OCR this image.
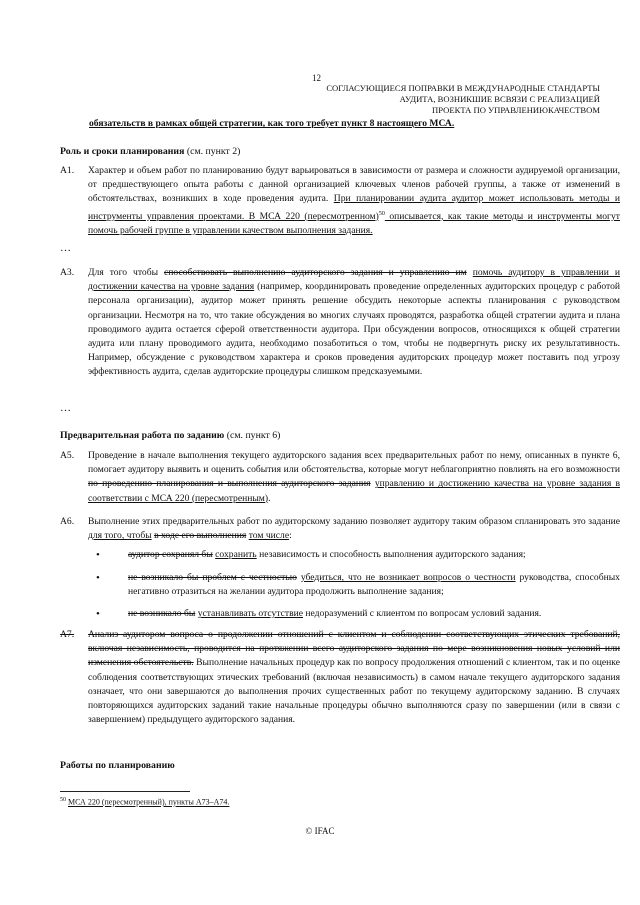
12
СОГЛАСУЮЩИЕСЯ ПОПРАВКИ В МЕЖДУНАРОДНЫЕ СТАНДАРТЫ
АУДИТА, ВОЗНИКШИЕ ВСВЯЗИ С РЕАЛИЗАЦИЕЙ
ПРОЕКТА ПО УПРАВЛЕНИЮКАЧЕСТВОМ
обязательств в рамках общей стратегии, как того требует пункт 8 настоящего МСА.
Роль и сроки планирования (см. пункт 2)
A1.	Характер и объем работ по планированию будут варьироваться в зависимости от размера и сложности аудируемой организации, от предшествующего опыта работы с данной организацией ключевых членов рабочей группы, а также от изменений в обстоятельствах, возникших в ходе проведения аудита. При планировании аудита аудитор может использовать методы и инструменты управления проектами. В МСА 220 (пересмотренном)$^{50}$ описывается, как такие методы и инструменты могут помочь рабочей группе в управлении качеством выполнения задания.
…
A3.	Для того чтобы способствовать выполнению аудиторского задания и управлению им помочь аудитору в управлении и достижении качества на уровне задания (например, координировать проведение определенных аудиторских процедур с работой персонала организации), аудитор может принять решение обсудить некоторые аспекты планирования с руководством организации. Несмотря на то, что такие обсуждения во многих случаях проводятся, разработка общей стратегии аудита и плана проводимого аудита остается сферой ответственности аудитора. При обсуждении вопросов, относящихся к общей стратегии аудита или плану проводимого аудита, необходимо позаботиться о том, чтобы не подвергнуть риску их результативность. Например, обсуждение с руководством характера и сроков проведения аудиторских процедур может поставить под угрозу эффективность аудита, сделав аудиторские процедуры слишком предсказуемыми.
…
Предварительная работа по заданию (см. пункт 6)
A5.	Проведение в начале выполнения текущего аудиторского задания всех предварительных работ по нему, описанных в пункте 6, помогает аудитору выявить и оценить события или обстоятельства, которые могут неблагоприятно повлиять на его возможности по проведению планирования и выполнения аудиторского задания управлению и достижению качества на уровне задания в соответствии с МСА 220 (пересмотренным).
A6.	Выполнение этих предварительных работ по аудиторскому заданию позволяет аудитору таким образом спланировать это задание для того, чтобы в ходе его выполнения том числе:
•	аудитор сохранял бы сохранить независимость и способность выполнения аудиторского задания;
•	не возникало бы проблем с честностью убедиться, что не возникает вопросов о честности руководства, способных негативно отразиться на желании аудитора продолжить выполнение задания;
•	не возникало бы устанавливать отсутствие недоразумений с клиентом по вопросам условий задания.
A7.	Анализ аудитором вопроса о продолжении отношений с клиентом и соблюдении соответствующих этических требований, включая независимость, проводится на протяжении всего аудиторского задания по мере возникновения новых условий или изменения обстоятельств. Выполнение начальных процедур как по вопросу продолжения отношений с клиентом, так и по оценке соблюдения соответствующих этических требований (включая независимость) в самом начале текущего аудиторского задания означает, что они завершаются до выполнения прочих существенных работ по текущему аудиторскому заданию. В случаях повторяющихся аудиторских заданий такие начальные процедуры обычно выполняются сразу по завершении (или в связи с завершением) предыдущего аудиторского задания.
Работы по планированию
$^{50}$ МСА 220 (пересмотренный), пункты A73–A74.
© IFAC
